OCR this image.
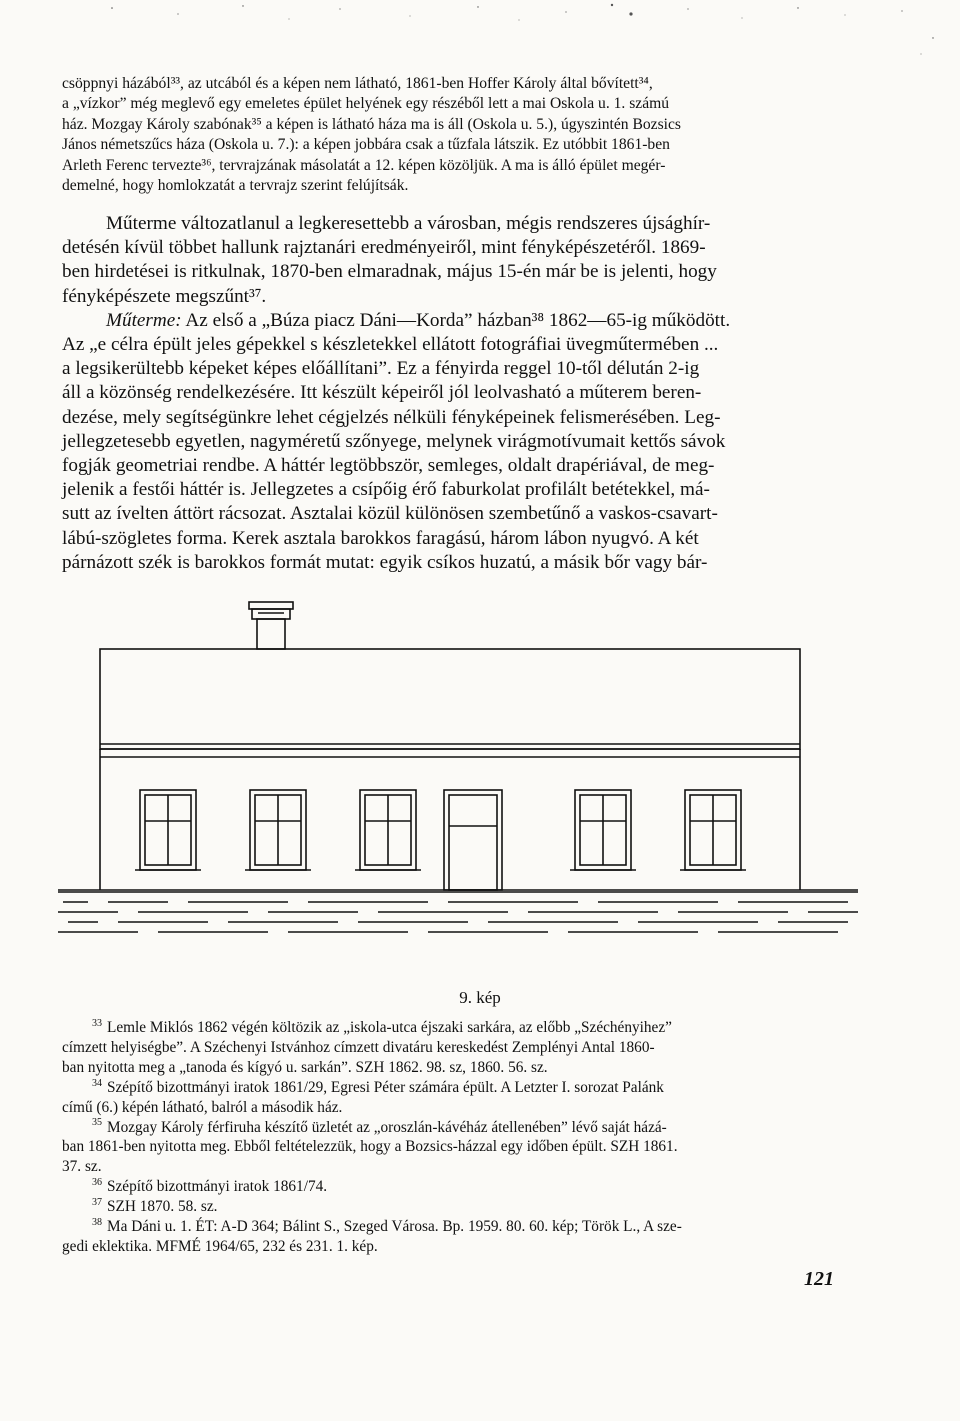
csöppnyi házából³³, az utcából és a képen nem látható, 1861-ben Hoffer Károly által bővített³⁴,

a „vízkor” még meglevő egy emeletes épület helyének egy részéből lett a mai Oskola u. 1. számú

ház. Mozgay Károly szabónak³⁵ a képen is látható háza ma is áll (Oskola u. 5.), úgyszintén Bozsics

János németszűcs háza (Oskola u. 7.): a képen jobbára csak a tűzfala látszik. Ez utóbbit 1861-ben

Arleth Ferenc tervezte³⁶, tervrajzának másolatát a 12. képen közöljük. A ma is álló épület megér-

demelné, hogy homlokzatát a tervrajz szerint felújítsák.

Műterme változatlanul a legkeresettebb a városban, mégis rendszeres újsághír-

detésén kívül többet hallunk rajztanári eredményeiről, mint fényképészetéről. 1869-

ben hirdetései is ritkulnak, 1870-ben elmaradnak, május 15-én már be is jelenti, hogy

fényképészete megszűnt³⁷.

Műterme: Az első a „Búza piacz Dáni—Korda” házban³⁸ 1862—65-ig működött.

Az „e célra épült jeles gépekkel s készletekkel ellátott fotográfiai üvegműtermében ...

a legsikerültebb képeket képes előállítani”. Ez a fényirda reggel 10-től délután 2-ig

áll a közönség rendelkezésére. Itt készült képeiről jól leolvasható a műterem beren-

dezése, mely segítségünkre lehet cégjelzés nélküli fényképeinek felismerésében. Leg-

jellegzetesebb egyetlen, nagyméretű szőnyege, melynek virágmotívumait kettős sávok

fogják geometriai rendbe. A háttér legtöbbször, semleges, oldalt drapériával, de meg-

jelenik a festői háttér is. Jellegzetes a csípőig érő faburkolat profilált betétekkel, má-

sutt az ívelten áttört rácsozat. Asztalai közül különösen szembetűnő a vaskos-csavart-

lábú-szögletes forma. Kerek asztala barokkos faragású, három lábon nyugvó. A két

párnázott szék is barokkos formát mutat: egyik csíkos huzatú, a másik bőr vagy bár-

9. kép

$^{33}$ Lemle Miklós 1862 végén költözik az „iskola-utca éjszaki sarkára, az előbb „Széchényihez”

címzett helyiségbe”. A Széchenyi Istvánhoz címzett divatáru kereskedést Zemplényi Antal 1860-

ban nyitotta meg a „tanoda és kígyó u. sarkán”. SZH 1862. 98. sz, 1860. 56. sz.

$^{34}$ Szépítő bizottmányi iratok 1861/29, Egresi Péter számára épült. A Letzter I. sorozat Palánk

című (6.) képén látható, balról a második ház.

$^{35}$ Mozgay Károly férfiruha készítő üzletét az „oroszlán-kávéház átellenében” lévő saját házá-

ban 1861-ben nyitotta meg. Ebből feltételezzük, hogy a Bozsics-házzal egy időben épült. SZH 1861.

37. sz.

$^{36}$ Szépítő bizottmányi iratok 1861/74.

$^{37}$ SZH 1870. 58. sz.

$^{38}$ Ma Dáni u. 1. ÉT: A-D 364; Bálint S., Szeged Városa. Bp. 1959. 80. 60. kép; Török L., A sze-

gedi eklektika. MFMÉ 1964/65, 232 és 231. 1. kép.

121
